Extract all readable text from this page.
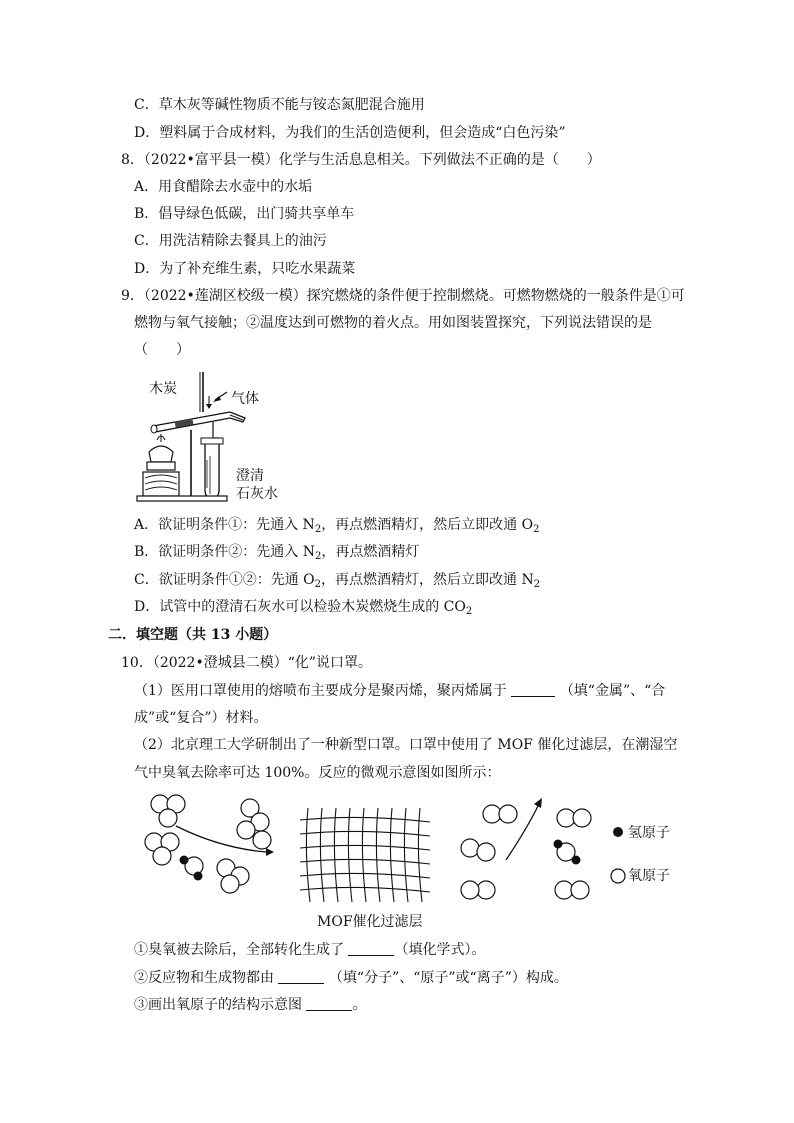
C．草木灰等碱性物质不能与铵态氮肥混合施用
D．塑料属于合成材料，为我们的生活创造便利，但会造成“白色污染”
8．（2022•富平县一模）化学与生活息息相关。下列做法不正确的是（　　）
A．用食醋除去水壶中的水垢
B．倡导绿色低碳，出门骑共享单车
C．用洗洁精除去餐具上的油污
D．为了补充维生素，只吃水果蔬菜
9．（2022•莲湖区校级一模）探究燃烧的条件便于控制燃烧。可燃物燃烧的一般条件是①可
燃物与氧气接触；②温度达到可燃物的着火点。用如图装置探究，下列说法错误的是
（　　）
木炭
气体
澄清
石灰水
A．欲证明条件①：先通入 $N_2$，再点燃酒精灯，然后立即改通 $O_2$
B．欲证明条件②：先通入 $N_2$，再点燃酒精灯
C．欲证明条件①②：先通 $O_2$，再点燃酒精灯，然后立即改通 $N_2$
D．试管中的澄清石灰水可以检验木炭燃烧生成的 $CO_2$
二．填空题（共 13 小题）
10．（2022•澄城县二模）“化”说口罩。
（1）医用口罩使用的熔喷布主要成分是聚丙烯，聚丙烯属于	（填“金属”、“合
成”或“复合”）材料。
（2）北京理工大学研制出了一种新型口罩。口罩中使用了 MOF 催化过滤层，在潮湿空
气中臭氧去除率可达 100%。反应的微观示意图如图所示：
氢原子
氧原子
MOF催化过滤层
①臭氧被去除后，全部转化生成了	（填化学式）。
②反应物和生成物都由	（填“分子”、“原子”或“离子”）构成。
③画出氧原子的结构示意图	。
